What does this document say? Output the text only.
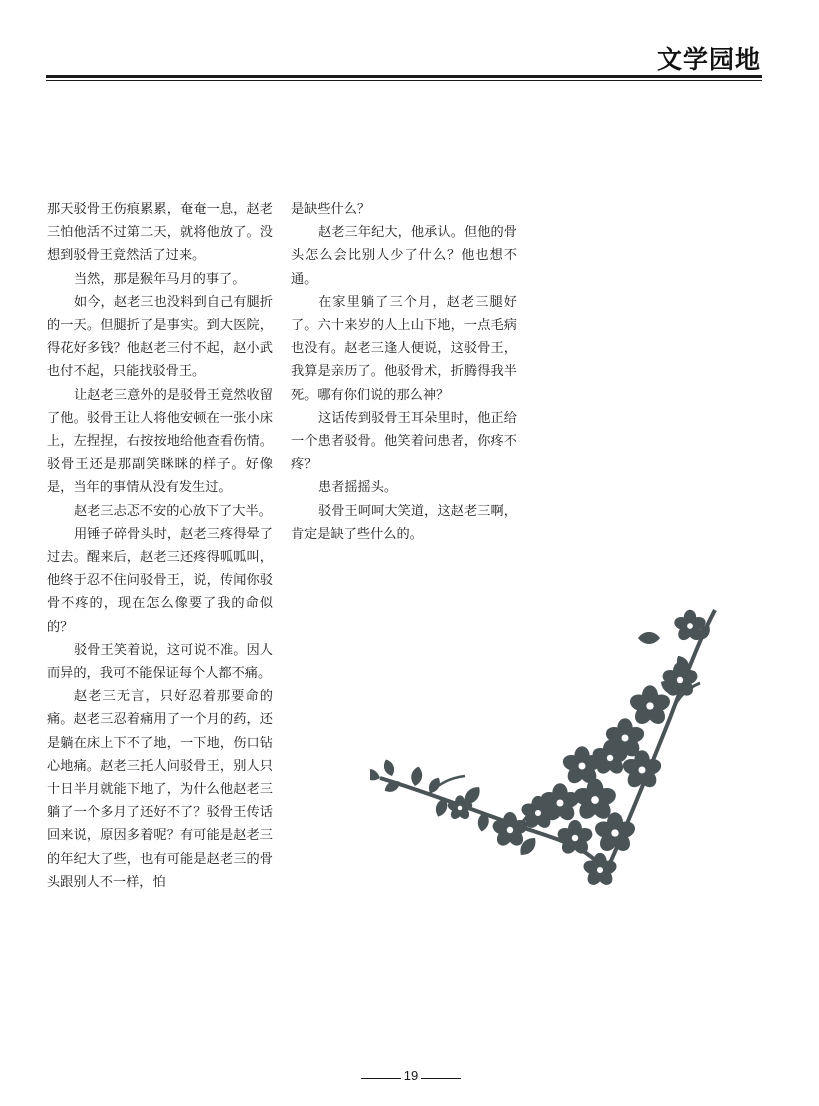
文学园地

那天驳骨王伤痕累累，奄奄一息，赵老三怕他活不过第二天，就将他放了。没想到驳骨王竟然活了过来。

当然，那是猴年马月的事了。

如今，赵老三也没料到自己有腿折的一天。但腿折了是事实。到大医院，得花好多钱？他赵老三付不起，赵小武也付不起，只能找驳骨王。

让赵老三意外的是驳骨王竟然收留了他。驳骨王让人将他安顿在一张小床上，左捏捏，右按按地给他查看伤情。驳骨王还是那副笑眯眯的样子。好像是，当年的事情从没有发生过。

赵老三忐忑不安的心放下了大半。

用锤子碎骨头时，赵老三疼得晕了过去。醒来后，赵老三还疼得呱呱叫，他终于忍不住问驳骨王，说，传闻你驳骨不疼的，现在怎么像要了我的命似的？

驳骨王笑着说，这可说不准。因人而异的，我可不能保证每个人都不痛。

赵老三无言，只好忍着那要命的痛。赵老三忍着痛用了一个月的药，还是躺在床上下不了地，一下地，伤口钻心地痛。赵老三托人问驳骨王，别人只十日半月就能下地了，为什么他赵老三躺了一个多月了还好不了？驳骨王传话回来说，原因多着呢？有可能是赵老三的年纪大了些，也有可能是赵老三的骨头跟别人不一样，怕

是缺些什么？

赵老三年纪大，他承认。但他的骨头怎么会比别人少了什么？他也想不通。

在家里躺了三个月，赵老三腿好了。六十来岁的人上山下地，一点毛病也没有。赵老三逢人便说，这驳骨王，我算是亲历了。他驳骨术，折腾得我半死。哪有你们说的那么神？

这话传到驳骨王耳朵里时，他正给一个患者驳骨。他笑着问患者，你疼不疼？

患者摇摇头。

驳骨王呵呵大笑道，这赵老三啊，肯定是缺了些什么的。

19
